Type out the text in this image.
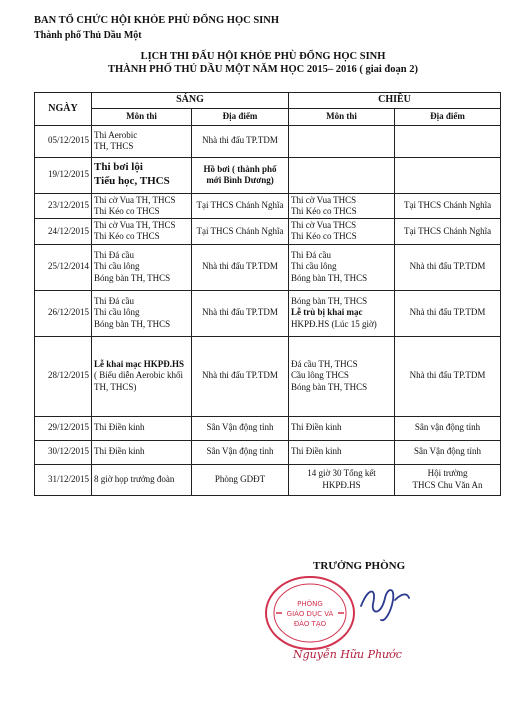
BAN TỔ CHỨC HỘI KHỎE PHÙ ĐỔNG HỌC SINH
Thành phố Thủ Dầu Một
LỊCH THI ĐẤU HỘI KHỎE PHÙ ĐỔNG HỌC SINH
THÀNH PHỐ THỦ DẦU MỘT NĂM HỌC 2015– 2016 ( giai đoạn 2)
NGÀY	SÁNG		CHIỀU	
	Môn thi	Địa điểm	Môn thi	Địa điểm
05/12/2015	Thi Aerobic
TH, THCS	Nhà thi đấu TP.TDM		

19/12/2015	Thi bơi lội
Tiểu học, THCS	Hồ bơi ( thành phố
mới Bình Dương)		

23/12/2015	Thi cờ Vua TH, THCS
Thi Kéo co THCS	Tại THCS Chánh Nghĩa	Thi cờ Vua THCS
Thi Kéo co THCS	Tại THCS Chánh Nghĩa

24/12/2015	Thi cờ Vua TH, THCS
Thi Kéo co THCS	Tại THCS Chánh Nghĩa	Thi cờ Vua THCS
Thi Kéo co THCS	Tại THCS Chánh Nghĩa

25/12/2014	Thi Đá cầu
Thi cầu lông
Bóng bàn TH, THCS	Nhà thi đấu TP.TDM	Thi Đá cầu
Thi cầu lông
Bóng bàn TH, THCS	Nhà thi đấu TP.TDM

26/12/2015	Thi Đá cầu
Thi cầu lông
Bóng bàn TH, THCS	Nhà thi đấu TP.TDM	Bóng bàn TH, THCS
Lễ trù bị khai mạc
HKPĐ.HS (Lúc 15 giờ)	Nhà thi đấu TP.TDM

28/12/2015	Lễ khai mạc HKPĐ.HS
( Biểu diễn Aerobic khối
TH, THCS)	Nhà thi đấu TP.TDM	Đá cầu TH, THCS
Cầu lông THCS
Bóng bàn TH, THCS	Nhà thi đấu TP.TDM

29/12/2015	Thi Điền kinh	Sân Vận động tỉnh	Thi Điền kinh	Sân vận động tỉnh

30/12/2015	Thi Điền kinh	Sân Vận động tỉnh	Thi Điền kinh	Sân Vận động tỉnh

31/12/2015	8 giờ họp trưởng đoàn	Phòng GDĐT	14 giờ 30 Tổng kết
HKPĐ.HS	Hội trường
THCS Chu Văn An
TRƯỞNG PHÒNG
PHÒNG
GIÁO DỤC VÀ
ĐÀO TẠO
Nguyễn Hữu Phước
